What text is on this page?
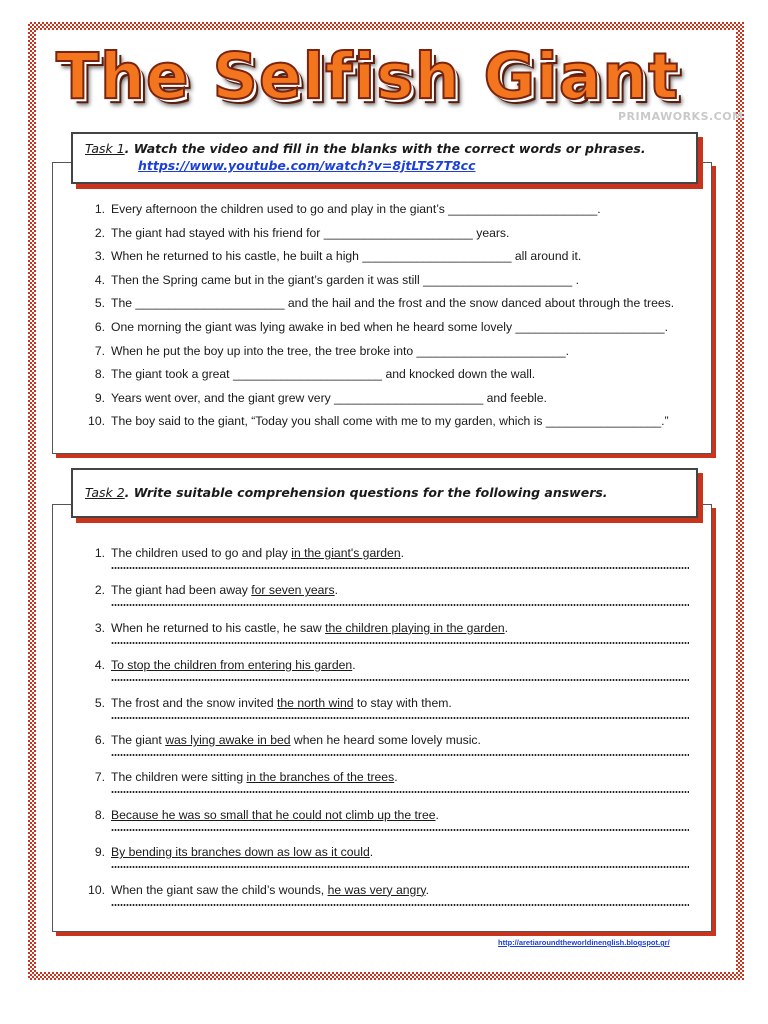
The Selfish Giant
PRIMAWORKS.COM
1. Every afternoon the children used to go and play in the giant’s ______________________.
2. The giant had stayed with his friend for ______________________ years.
3. When he returned to his castle, he built a high ______________________ all around it.
4. Then the Spring came but in the giant’s garden it was still ______________________ .
5. The ______________________ and the hail and the frost and the snow danced about through the trees.
6. One morning the giant was lying awake in bed when he heard some lovely ______________________.
7. When he put the boy up into the tree, the tree broke into ______________________.
8. The giant took a great ______________________ and knocked down the wall.
9. Years went over, and the giant grew very ______________________ and feeble.
10. The boy said to the giant, “Today you shall come with me to my garden, which is _________________.”
Task 1. Watch the video and fill in the blanks with the correct words or phrases.
https://www.youtube.com/watch?v=8jtLTS7T8cc
1. The children used to go and play in the giant's garden.
2. The giant had been away for seven years.
3. When he returned to his castle, he saw the children playing in the garden.
4. To stop the children from entering his garden.
5. The frost and the snow invited the north wind to stay with them.
6. The giant was lying awake in bed when he heard some lovely music.
7. The children were sitting in the branches of the trees.
8. Because he was so small that he could not climb up the tree.
9. By bending its branches down as low as it could.
10. When the giant saw the child’s wounds, he was very angry.
Task 2. Write suitable comprehension questions for the following answers.
http://aretiaroundtheworldinenglish.blogspot.gr/
